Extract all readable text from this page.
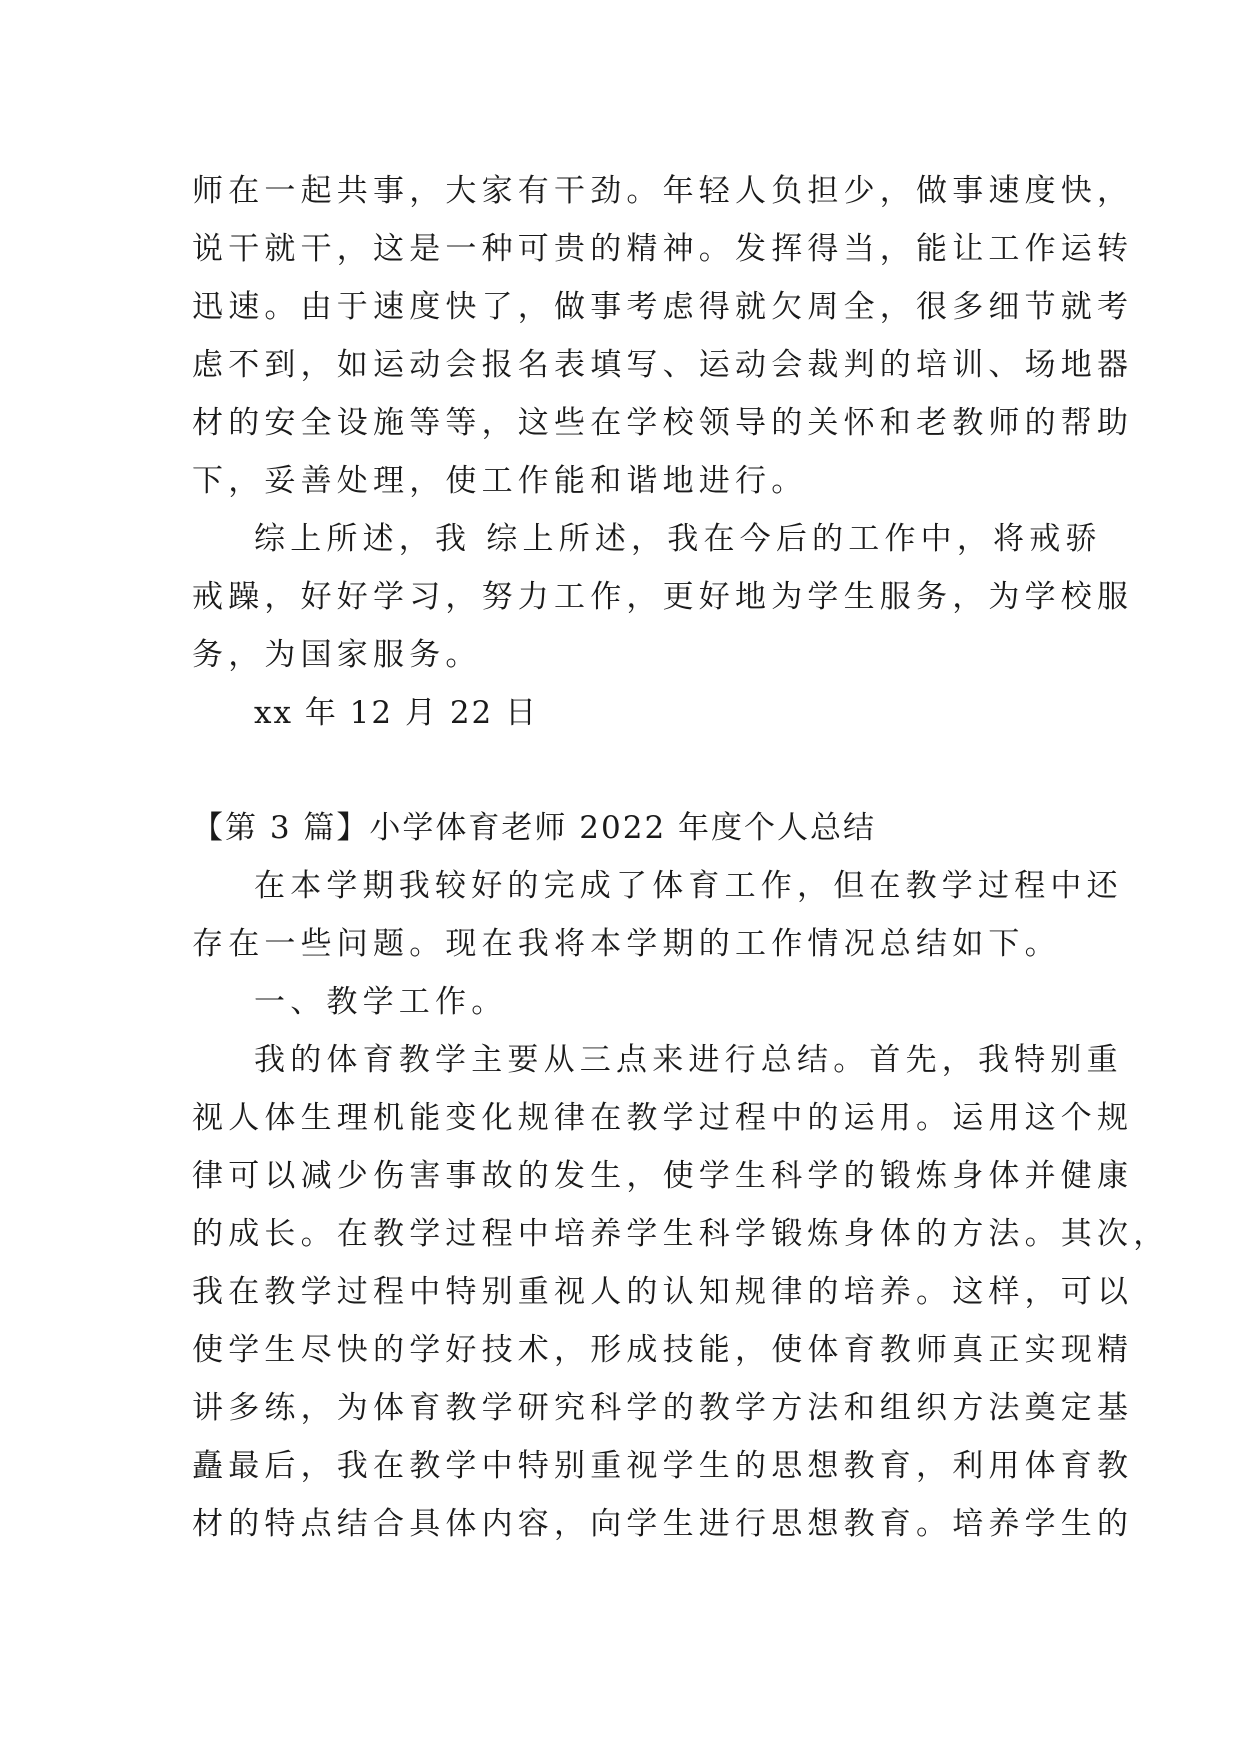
师在一起共事，大家有干劲。年轻人负担少，做事速度快，
说干就干，这是一种可贵的精神。发挥得当，能让工作运转
迅速。由于速度快了，做事考虑得就欠周全，很多细节就考
虑不到，如运动会报名表填写、运动会裁判的培训、场地器
材的安全设施等等，这些在学校领导的关怀和老教师的帮助
下，妥善处理，使工作能和谐地进行。
综上所述，我 综上所述，我在今后的工作中，将戒骄
戒躁，好好学习，努力工作，更好地为学生服务，为学校服
务，为国家服务。
xx 年 12 月 22 日
【第 3 篇】小学体育老师 2022 年度个人总结
在本学期我较好的完成了体育工作，但在教学过程中还
存在一些问题。现在我将本学期的工作情况总结如下。
一、教学工作。
我的体育教学主要从三点来进行总结。首先，我特别重
视人体生理机能变化规律在教学过程中的运用。运用这个规
律可以减少伤害事故的发生，使学生科学的锻炼身体并健康
的成长。在教学过程中培养学生科学锻炼身体的方法。其次，
我在教学过程中特别重视人的认知规律的培养。这样，可以
使学生尽快的学好技术，形成技能，使体育教师真正实现精
讲多练，为体育教学研究科学的教学方法和组织方法奠定基
矗最后，我在教学中特别重视学生的思想教育，利用体育教
材的特点结合具体内容，向学生进行思想教育。培养学生的
